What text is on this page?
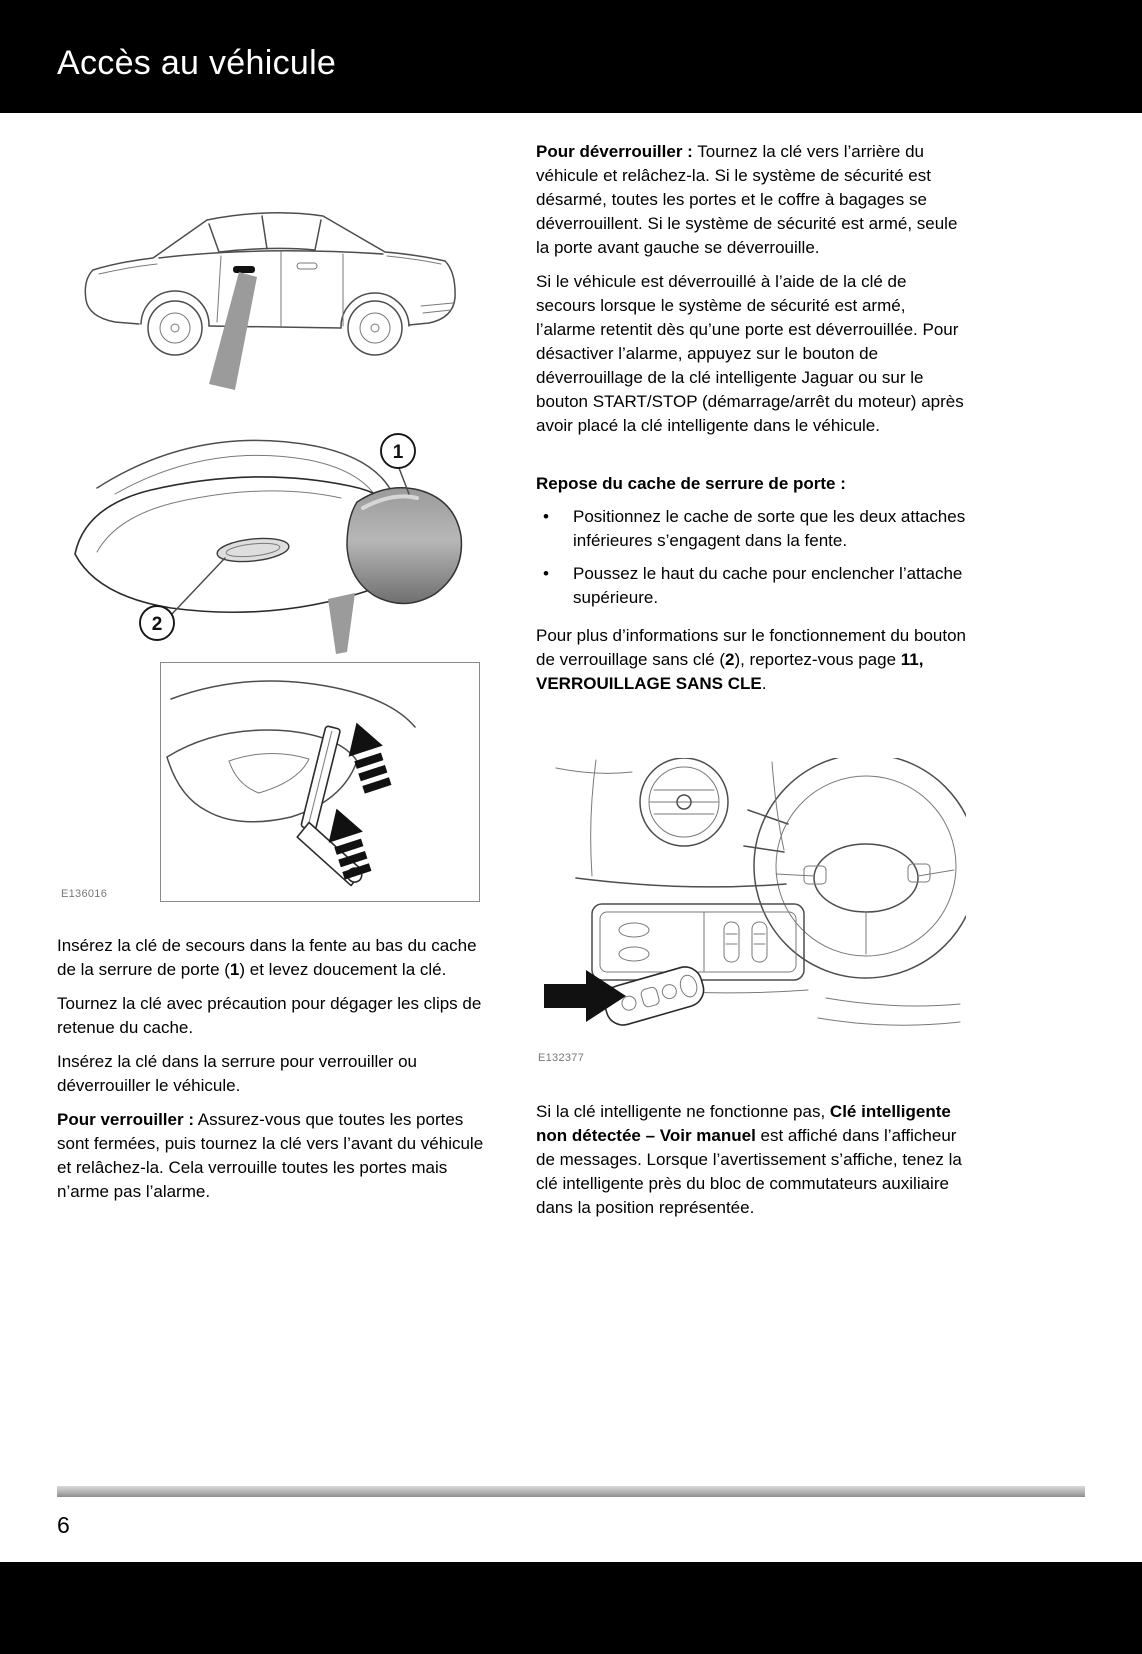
Accès au véhicule
1
2
E136016

Insérez la clé de secours dans la fente au bas du cache de la serrure de porte (1) et levez doucement la clé.

Tournez la clé avec précaution pour dégager les clips de retenue du cache.

Insérez la clé dans la serrure pour verrouiller ou déverrouiller le véhicule.

Pour verrouiller : Assurez-vous que toutes les portes sont fermées, puis tournez la clé vers l’avant du véhicule et relâchez-la. Cela verrouille toutes les portes mais n’arme pas l’alarme.

Pour déverrouiller : Tournez la clé vers l’arrière du véhicule et relâchez-la. Si le système de sécurité est désarmé, toutes les portes et le coffre à bagages se déverrouillent. Si le système de sécurité est armé, seule la porte avant gauche se déverrouille.

Si le véhicule est déverrouillé à l’aide de la clé de secours lorsque le système de sécurité est armé, l’alarme retentit dès qu’une porte est déverrouillée. Pour désactiver l’alarme, appuyez sur le bouton de déverrouillage de la clé intelligente Jaguar ou sur le bouton START/STOP (démarrage/arrêt du moteur) après avoir placé la clé intelligente dans le véhicule.

Repose du cache de serrure de porte :
• Positionnez le cache de sorte que les deux attaches inférieures s’engagent dans la fente.
• Poussez le haut du cache pour enclencher l’attache supérieure.

Pour plus d’informations sur le fonctionnement du bouton de verrouillage sans clé (2), reportez-vous page 11, VERROUILLAGE SANS CLE.

E132377

Si la clé intelligente ne fonctionne pas, Clé intelligente non détectée – Voir manuel est affiché dans l’afficheur de messages. Lorsque l’avertissement s’affiche, tenez la clé intelligente près du bloc de commutateurs auxiliaire dans la position représentée.

6
